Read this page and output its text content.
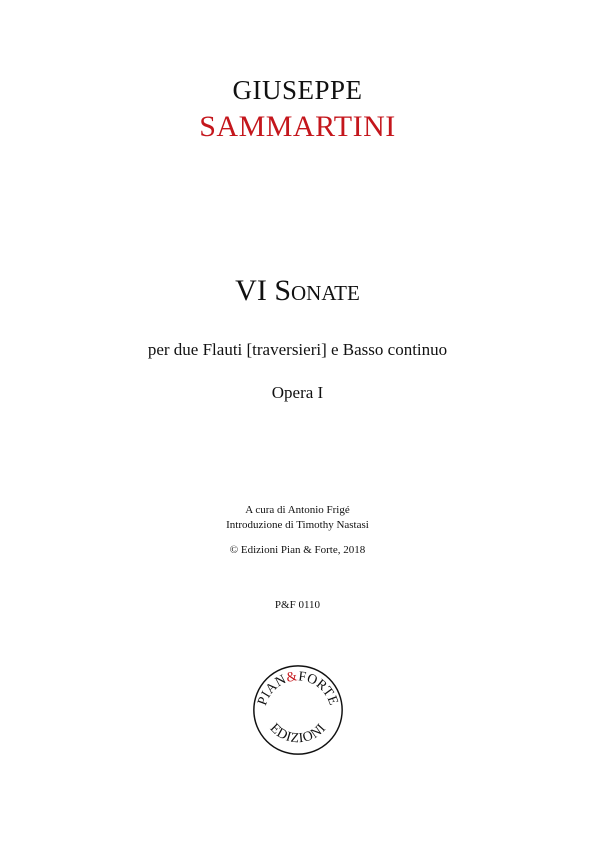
GIUSEPPE
SAMMARTINI
VI Sonate
per due Flauti [traversieri] e Basso continuo
Opera I
A cura di Antonio Frigé
Introduzione di Timothy Nastasi
© Edizioni Pian & Forte, 2018
P&F 0110
PIAN&FORTE
EDIZIONI
